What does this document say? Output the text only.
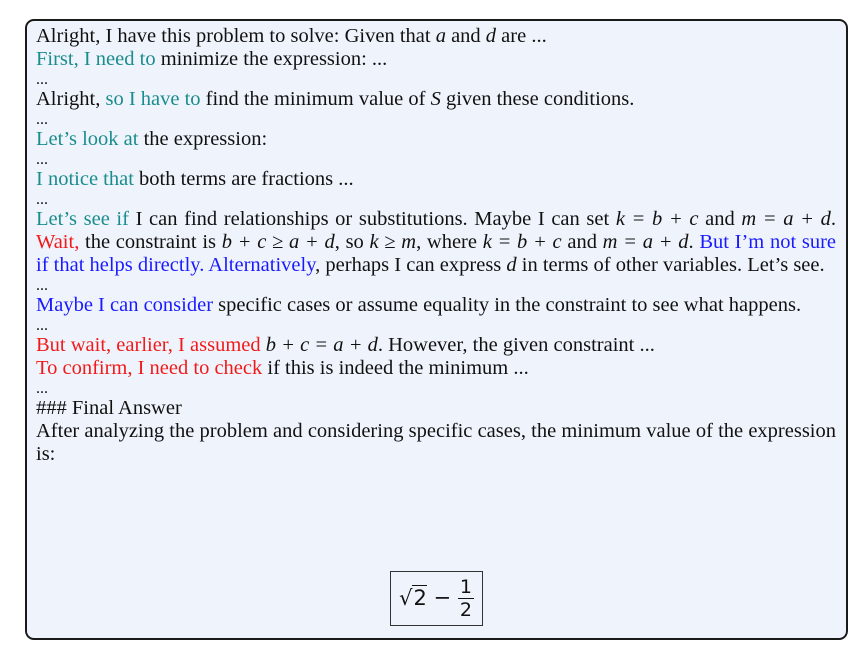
Alright, I have this problem to solve: Given that a and d are ...
First, I need to minimize the expression: ...
...
Alright, so I have to find the minimum value of S given these conditions.
...
Let’s look at the expression:
...
I notice that both terms are fractions ...
...
Let’s see if I can find relationships or substitutions. Maybe I can set k = b + c and m = a + d. Wait, the constraint is b + c ≥ a + d, so k ≥ m, where k = b + c and m = a + d. But I’m not sure if that helps directly. Alternatively, perhaps I can express d in terms of other variables. Let’s see.
...
Maybe I can consider specific cases or assume equality in the constraint to see what happens.
...
But wait, earlier, I assumed b + c = a + d. However, the given constraint ...
To confirm, I need to check if this is indeed the minimum ...
...
### Final Answer
After analyzing the problem and considering specific cases, the minimum value of the expression is:
$√2 - \frac{1}{2}$
